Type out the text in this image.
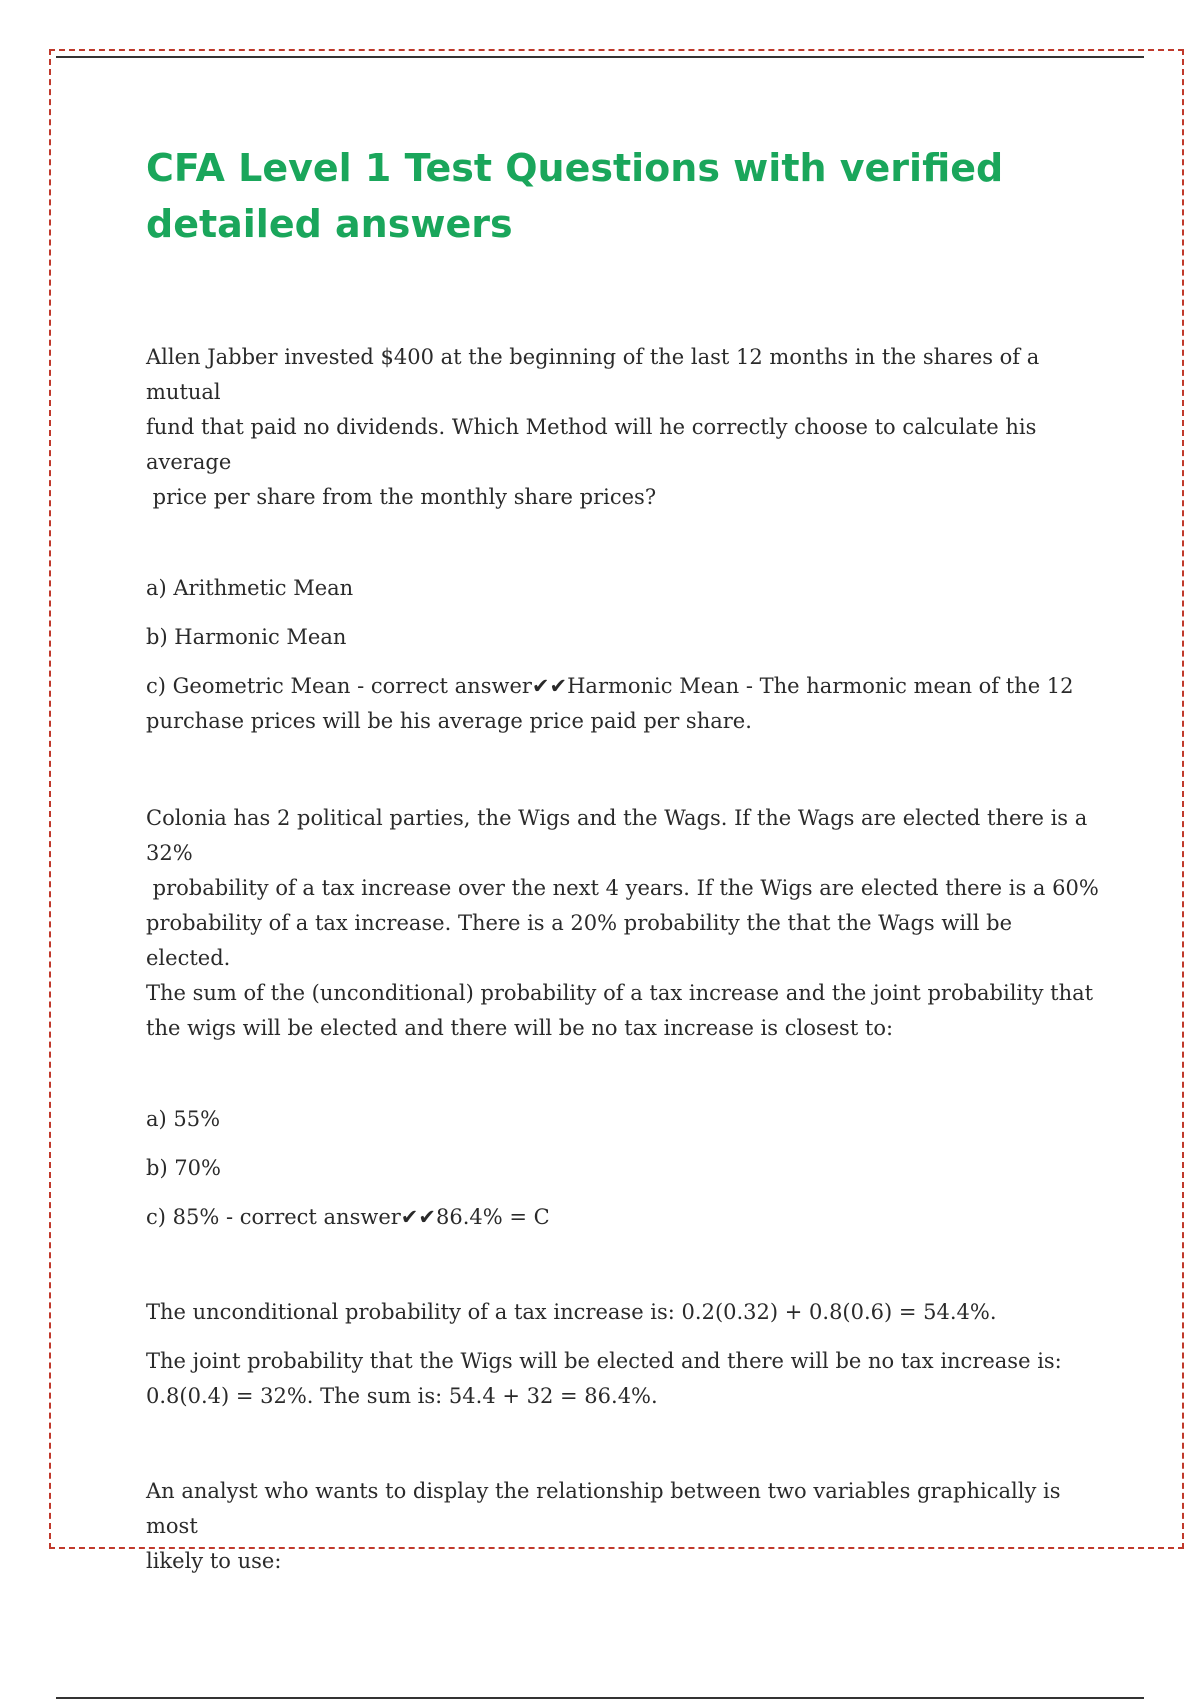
CFA Level 1 Test Questions with verified detailed answers
Allen Jabber invested $400 at the beginning of the last 12 months in the shares of a mutual
fund that paid no dividends. Which Method will he correctly choose to calculate his average
price per share from the monthly share prices?

a) Arithmetic Mean

b) Harmonic Mean

c) Geometric Mean - correct answer✔✔Harmonic Mean - The harmonic mean of the 12
purchase prices will be his average price paid per share.
Colonia has 2 political parties, the Wigs and the Wags. If the Wags are elected there is a 32%
probability of a tax increase over the next 4 years. If the Wigs are elected there is a 60%
probability of a tax increase. There is a 20% probability the that the Wags will be elected.
The sum of the (unconditional) probability of a tax increase and the joint probability that
the wigs will be elected and there will be no tax increase is closest to:

a) 55%

b) 70%

c) 85% - correct answer✔✔86.4% = C

The unconditional probability of a tax increase is: 0.2(0.32) + 0.8(0.6) = 54.4%.

The joint probability that the Wigs will be elected and there will be no tax increase is:
0.8(0.4) = 32%. The sum is: 54.4 + 32 = 86.4%.
An analyst who wants to display the relationship between two variables graphically is most
likely to use:
